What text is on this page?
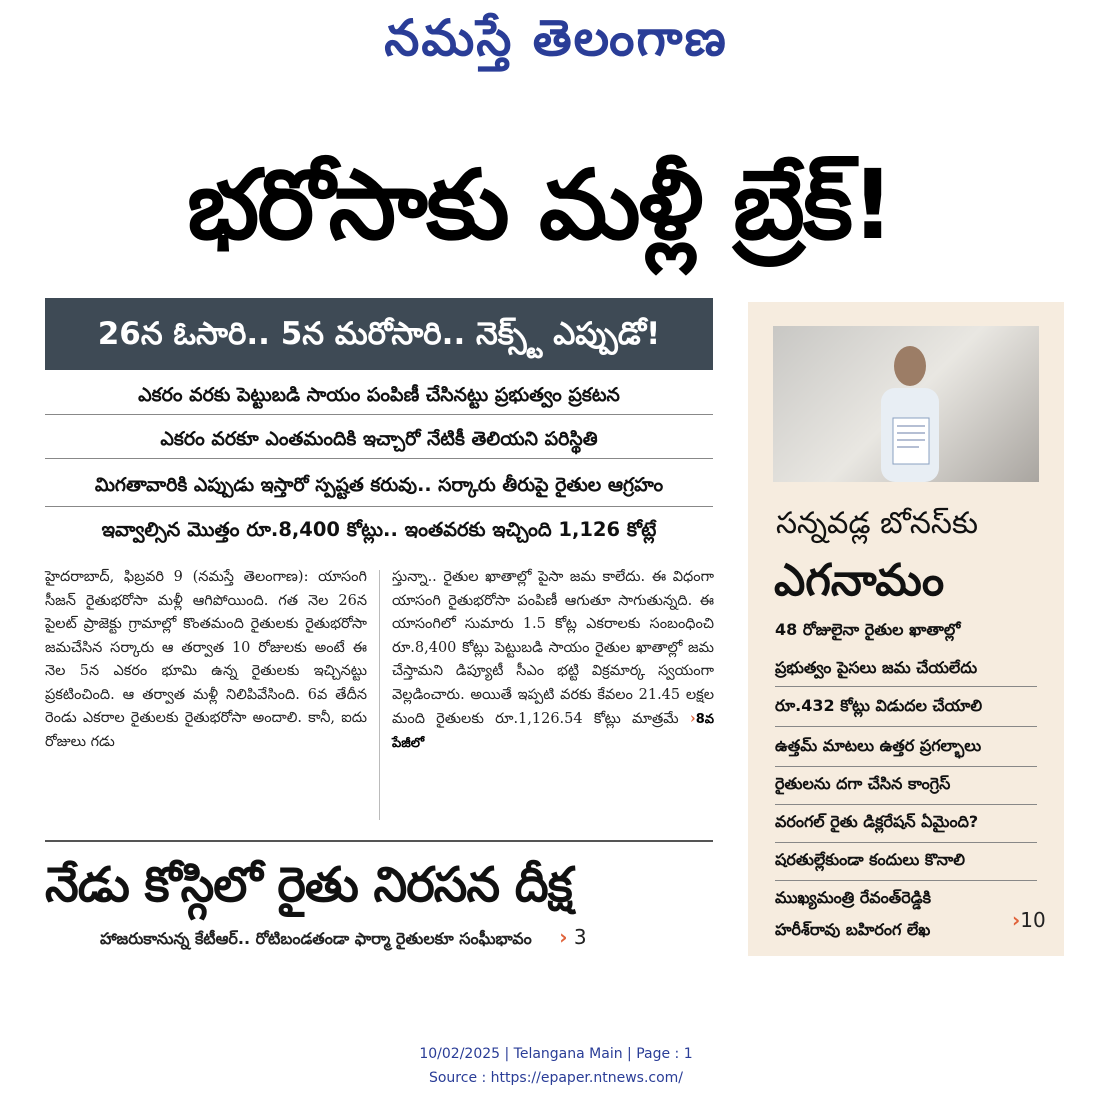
నమస్తే తెలంగాణ
భరోసాకు మళ్లీ బ్రేక్!
26న ఓసారి.. 5న మరోసారి.. నెక్స్ట్ ఎప్పుడో!
ఎకరం వరకు పెట్టుబడి సాయం పంపిణీ చేసినట్టు ప్రభుత్వం ప్రకటన
ఎకరం వరకూ ఎంతమందికి ఇచ్చారో నేటికీ తెలియని పరిస్థితి
మిగతావారికి ఎప్పుడు ఇస్తారో స్పష్టత కరువు.. సర్కారు తీరుపై రైతుల ఆగ్రహం
ఇవ్వాల్సిన మొత్తం రూ.8,400 కోట్లు.. ఇంతవరకు ఇచ్చింది 1,126 కోట్లే
హైదరాబాద్, ఫిబ్రవరి 9 (నమస్తే తెలంగాణ): యాసంగి సీజన్ రైతుభరోసా మళ్లీ ఆగిపోయింది. గత నెల 26న పైలట్ ప్రాజెక్టు గ్రామాల్లో కొంతమంది రైతులకు రైతుభరోసా జమచేసిన సర్కారు ఆ తర్వాత 10 రోజులకు అంటే ఈ నెల 5న ఎకరం భూమి ఉన్న రైతులకు ఇచ్చినట్టు ప్రకటించింది. ఆ తర్వాత మళ్లీ నిలిపివేసింది. 6వ తేదీన రెండు ఎకరాల రైతులకు రైతుభరోసా అందాలి. కానీ, ఐదు రోజులు గడు
స్తున్నా.. రైతుల ఖాతాల్లో పైసా జమ కాలేదు. ఈ విధంగా యాసంగి రైతుభరోసా పంపిణీ ఆగుతూ సాగుతున్నది. ఈ యాసంగిలో సుమారు 1.5 కోట్ల ఎకరాలకు సంబంధించి రూ.8,400 కోట్లు పెట్టుబడి సాయం రైతుల ఖాతాల్లో జమ చేస్తామని డిప్యూటీ సీఎం భట్టి విక్రమార్క స్వయంగా వెల్లడించారు. అయితే ఇప్పటి వరకు కేవలం 21.45 లక్షల మంది రైతులకు రూ.1,126.54 కోట్లు మాత్రమే ›8వ పేజీలో
నేడు కోస్గిలో రైతు నిరసన దీక్ష
హాజరుకానున్న కేటీఆర్.. రోటిబండతండా ఫార్మా రైతులకూ సంఘీభావం › 3
సన్నవడ్ల బోనస్‌కు
ఎగనామం
48 రోజులైనా రైతుల ఖాతాల్లో
ప్రభుత్వం పైసలు జమ చేయలేదు
రూ.432 కోట్లు విడుదల చేయాలి
ఉత్తమ్ మాటలు ఉత్తర ప్రగల్భాలు
రైతులను దగా చేసిన కాంగ్రెస్
వరంగల్ రైతు డిక్లరేషన్ ఏమైంది?
షరతుల్లేకుండా కందులు కొనాలి
ముఖ్యమంత్రి రేవంత్‌రెడ్డికి
హరీశ్‌రావు బహిరంగ లేఖ	›10
10/02/2025 | Telangana Main | Page : 1
Source : https://epaper.ntnews.com/
